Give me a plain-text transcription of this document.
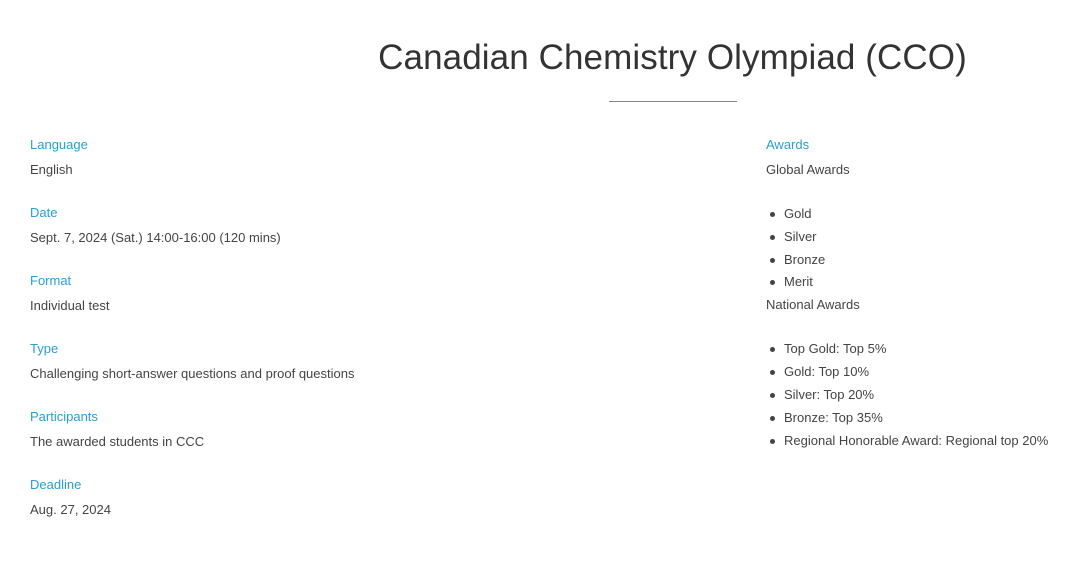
Canadian Chemistry Olympiad (CCO)

Language

English

Date

Sept. 7, 2024 (Sat.) 14:00-16:00 (120 mins)

Format

Individual test

Type

Challenging short-answer questions and proof questions

Participants

The awarded students in CCC

Deadline

Aug. 27, 2024

Awards

Global Awards

Gold
Silver
Bronze
Merit

National Awards

Top Gold: Top 5%
Gold: Top 10%
Silver: Top 20%
Bronze: Top 35%
Regional Honorable Award: Regional top 20%
